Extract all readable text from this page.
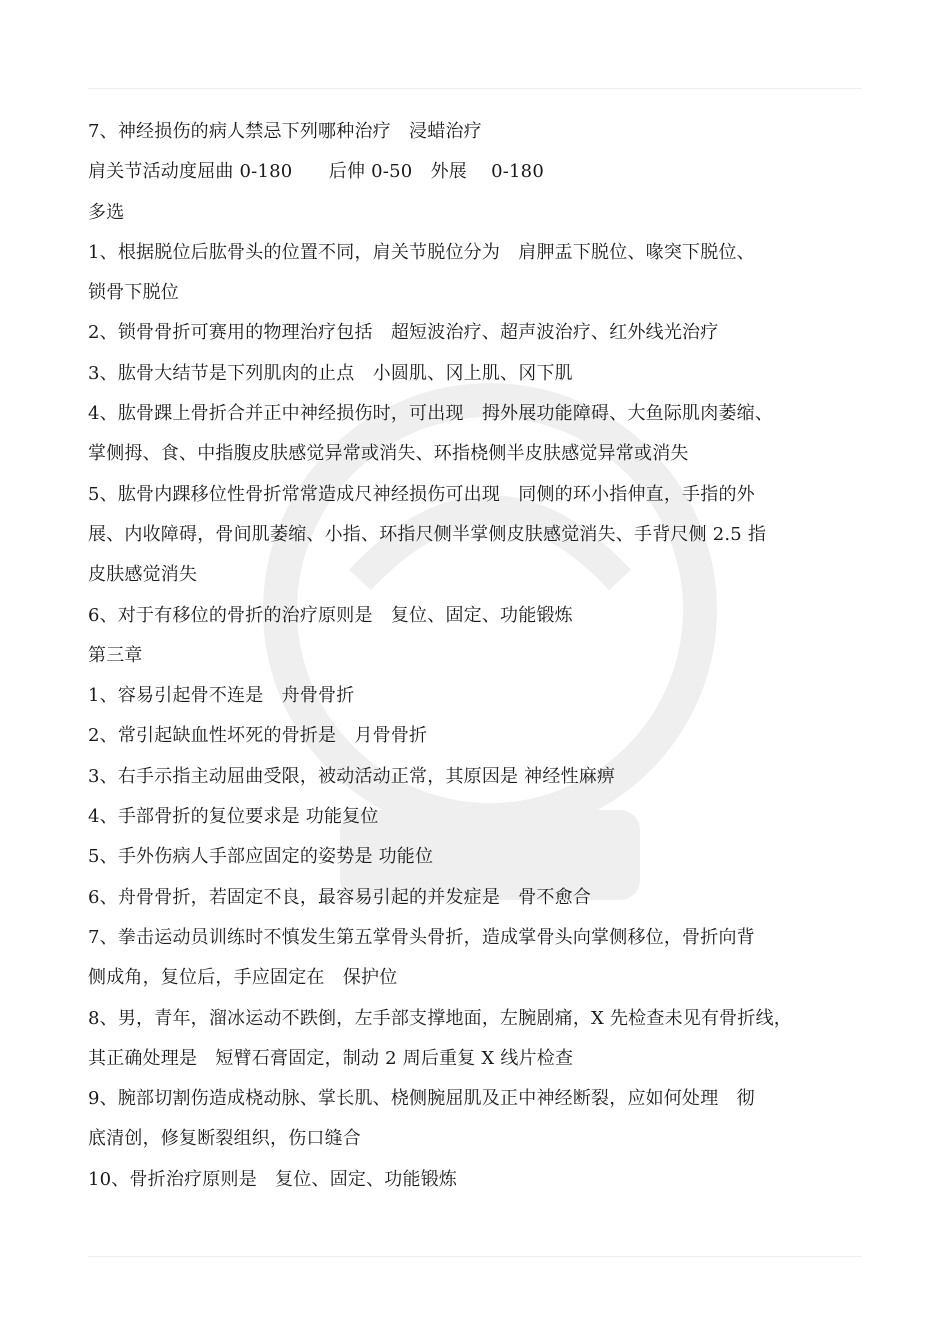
7、神经损伤的病人禁忌下列哪种治疗　浸蜡治疗
肩关节活动度屈曲 0-180　　后伸 0-50　外展　 0-180
多选
1、根据脱位后肱骨头的位置不同，肩关节脱位分为　肩胛盂下脱位、喙突下脱位、
锁骨下脱位
2、锁骨骨折可赛用的物理治疗包括　超短波治疗、超声波治疗、红外线光治疗
3、肱骨大结节是下列肌肉的止点　小圆肌、冈上肌、冈下肌
4、肱骨踝上骨折合并正中神经损伤时，可出现　拇外展功能障碍、大鱼际肌肉萎缩、
掌侧拇、食、中指腹皮肤感觉异常或消失、环指桡侧半皮肤感觉异常或消失
5、肱骨内踝移位性骨折常常造成尺神经损伤可出现　同侧的环小指伸直，手指的外
展、内收障碍，骨间肌萎缩、小指、环指尺侧半掌侧皮肤感觉消失、手背尺侧 2.5 指
皮肤感觉消失
6、对于有移位的骨折的治疗原则是　复位、固定、功能锻炼
第三章
1、容易引起骨不连是　舟骨骨折
2、常引起缺血性坏死的骨折是　月骨骨折
3、右手示指主动屈曲受限，被动活动正常，其原因是 神经性麻痹
4、手部骨折的复位要求是 功能复位
5、手外伤病人手部应固定的姿势是 功能位
6、舟骨骨折，若固定不良，最容易引起的并发症是　骨不愈合
7、拳击运动员训练时不慎发生第五掌骨头骨折，造成掌骨头向掌侧移位，骨折向背
侧成角，复位后，手应固定在　保护位
8、男，青年，溜冰运动不跌倒，左手部支撑地面，左腕剧痛，X 先检查未见有骨折线，
其正确处理是　短臂石膏固定，制动 2 周后重复 X 线片检查
9、腕部切割伤造成桡动脉、掌长肌、桡侧腕屈肌及正中神经断裂，应如何处理　彻
底清创，修复断裂组织，伤口缝合
10、骨折治疗原则是　复位、固定、功能锻炼
